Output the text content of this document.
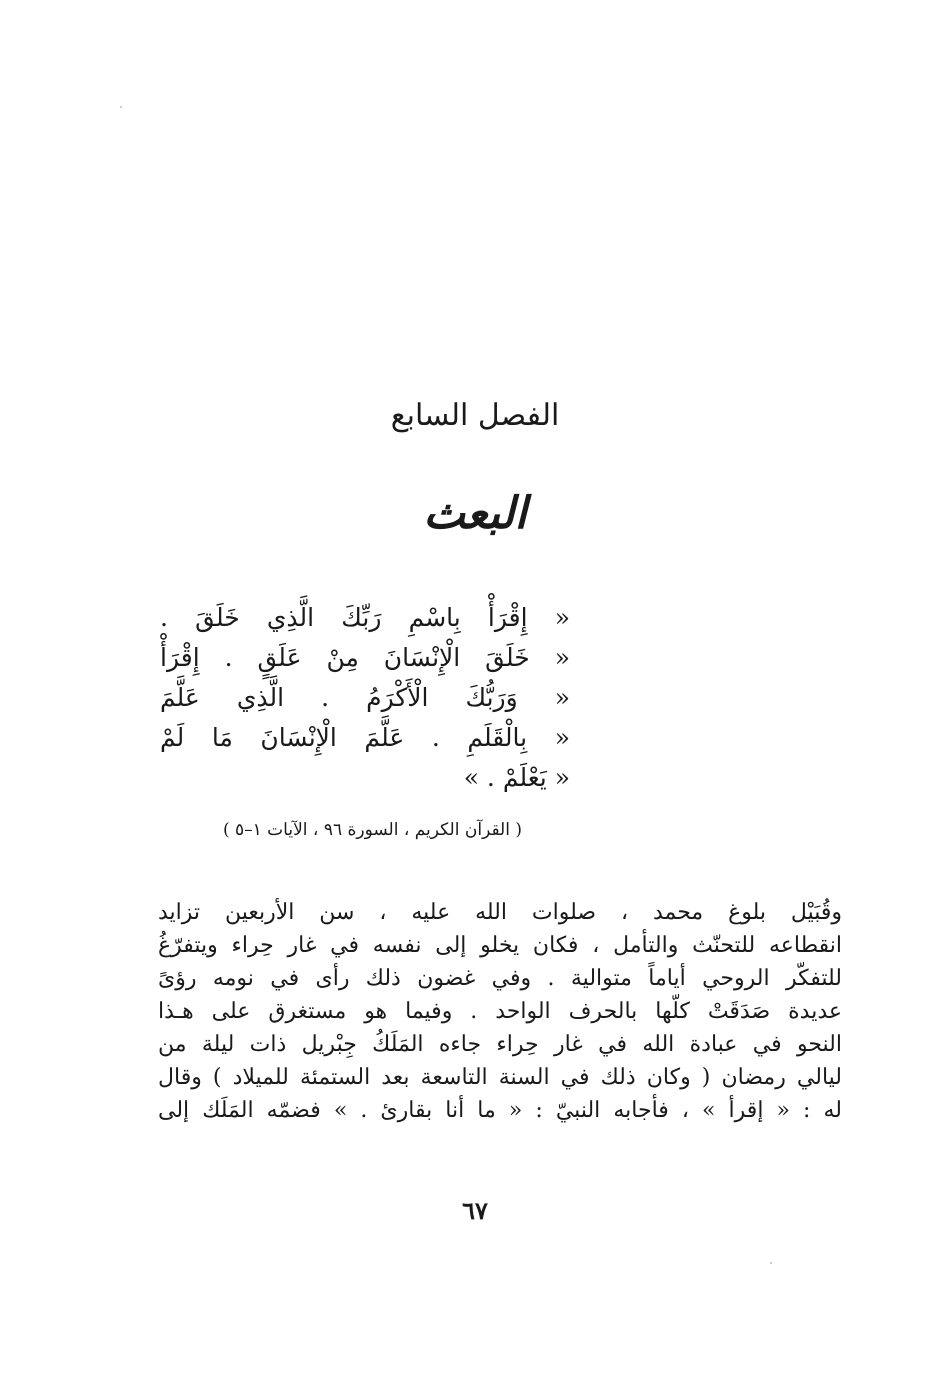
الفصل السابع
البعث
« إِقْرَأْ بِاسْمِ رَبِّكَ الَّذِي خَلَقَ .
« خَلَقَ الْإِنْسَانَ مِنْ عَلَقٍ . إِقْرَأْ
« وَرَبُّكَ الْأَكْرَمُ . الَّذِي عَلَّمَ
« بِالْقَلَمِ . عَلَّمَ الْإِنْسَانَ مَا لَمْ
« يَعْلَمْ . »
( القرآن الكريم ، السورة ٩٦ ، الآيات ١–٥ )
وقُبَيْل بلوغ محمد ، صلوات الله عليه ، سن الأربعين تزايد
انقطاعه للتحنّث والتأمل ، فكان يخلو إلى نفسه في غار حِراء ويتفرّغُ
للتفكّر الروحي أياماً متوالية . وفي غضون ذلك رأى في نومه رؤىً
عديدة صَدَقَتْ كلّها بالحرف الواحد . وفيما هو مستغرق على هـذا
النحو في عبادة الله في غار حِراء جاءه المَلَكُ جِبْريل ذات ليلة من
ليالي رمضان ( وكان ذلك في السنة التاسعة بعد الستمئة للميلاد ) وقال
له : « إقرأ » ، فأجابه النبيّ : « ما أنا بقارئ . » فضمّه المَلَك إلى
٦٧
